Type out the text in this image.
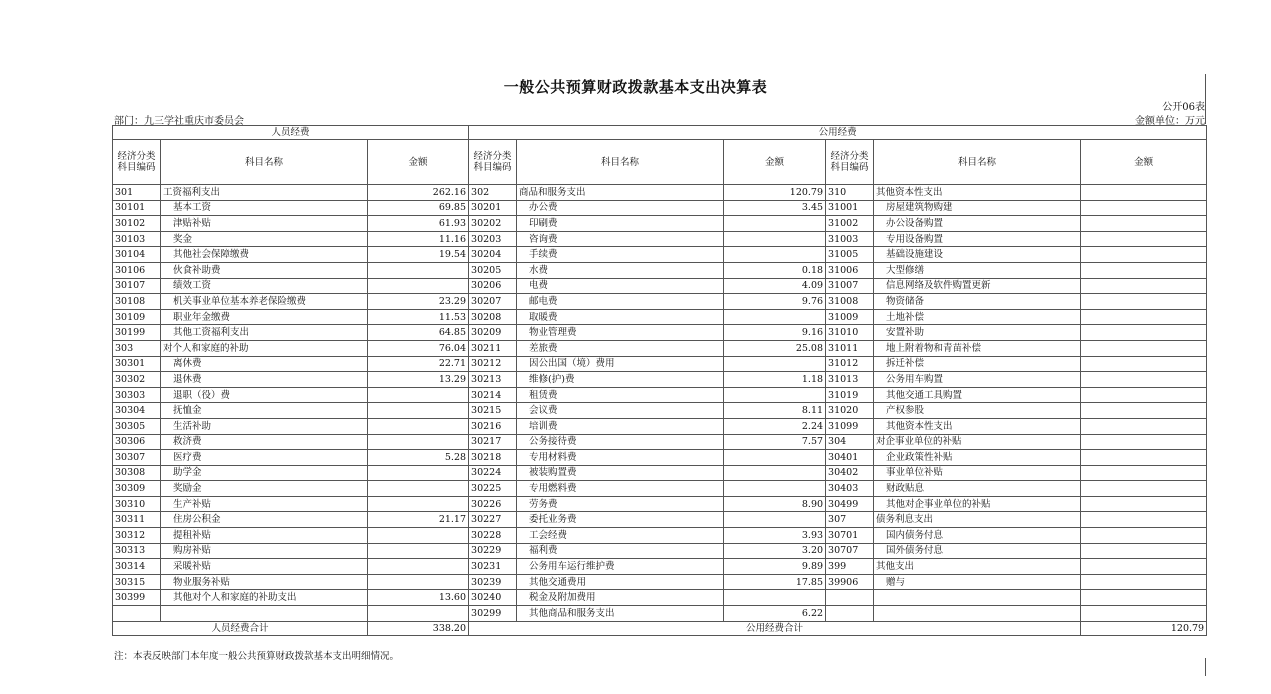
一般公共预算财政拨款基本支出决算表
公开06表
部门：九三学社重庆市委员会	金额单位：万元
人员经费			公用经费					
经济分类科目编码	科目名称	金额	经济分类科目编码	科目名称	金额	经济分类科目编码	科目名称	金额
301	工资福利支出	262.16	302	商品和服务支出	120.79	310	其他资本性支出	
30101	基本工资	69.85	30201	办公费	3.45	31001	房屋建筑物购建	
30102	津贴补贴	61.93	30202	印刷费		31002	办公设备购置	
30103	奖金	11.16	30203	咨询费		31003	专用设备购置	
30104	其他社会保障缴费	19.54	30204	手续费		31005	基础设施建设	
30106	伙食补助费		30205	水费	0.18	31006	大型修缮	
30107	绩效工资		30206	电费	4.09	31007	信息网络及软件购置更新	
30108	机关事业单位基本养老保险缴费	23.29	30207	邮电费	9.76	31008	物资储备	
30109	职业年金缴费	11.53	30208	取暖费		31009	土地补偿	
30199	其他工资福利支出	64.85	30209	物业管理费	9.16	31010	安置补助	
303	对个人和家庭的补助	76.04	30211	差旅费	25.08	31011	地上附着物和青苗补偿	
30301	离休费	22.71	30212	因公出国（境）费用		31012	拆迁补偿	
30302	退休费	13.29	30213	维修(护)费	1.18	31013	公务用车购置	
30303	退职（役）费		30214	租赁费		31019	其他交通工具购置	
30304	抚恤金		30215	会议费	8.11	31020	产权参股	
30305	生活补助		30216	培训费	2.24	31099	其他资本性支出	
30306	救济费		30217	公务接待费	7.57	304	对企事业单位的补贴	
30307	医疗费	5.28	30218	专用材料费		30401	企业政策性补贴	
30308	助学金		30224	被装购置费		30402	事业单位补贴	
30309	奖励金		30225	专用燃料费		30403	财政贴息	
30310	生产补贴		30226	劳务费	8.90	30499	其他对企事业单位的补贴	
30311	住房公积金	21.17	30227	委托业务费		307	债务利息支出	
30312	提租补贴		30228	工会经费	3.93	30701	国内债务付息	
30313	购房补贴		30229	福利费	3.20	30707	国外债务付息	
30314	采暖补贴		30231	公务用车运行维护费	9.89	399	其他支出	
30315	物业服务补贴		30239	其他交通费用	17.85	39906	赠与	
30399	其他对个人和家庭的补助支出	13.60	30240	税金及附加费用				
			30299	其他商品和服务支出	6.22			
人员经费合计		338.20	公用经费合计					120.79
注：本表反映部门本年度一般公共预算财政拨款基本支出明细情况。
